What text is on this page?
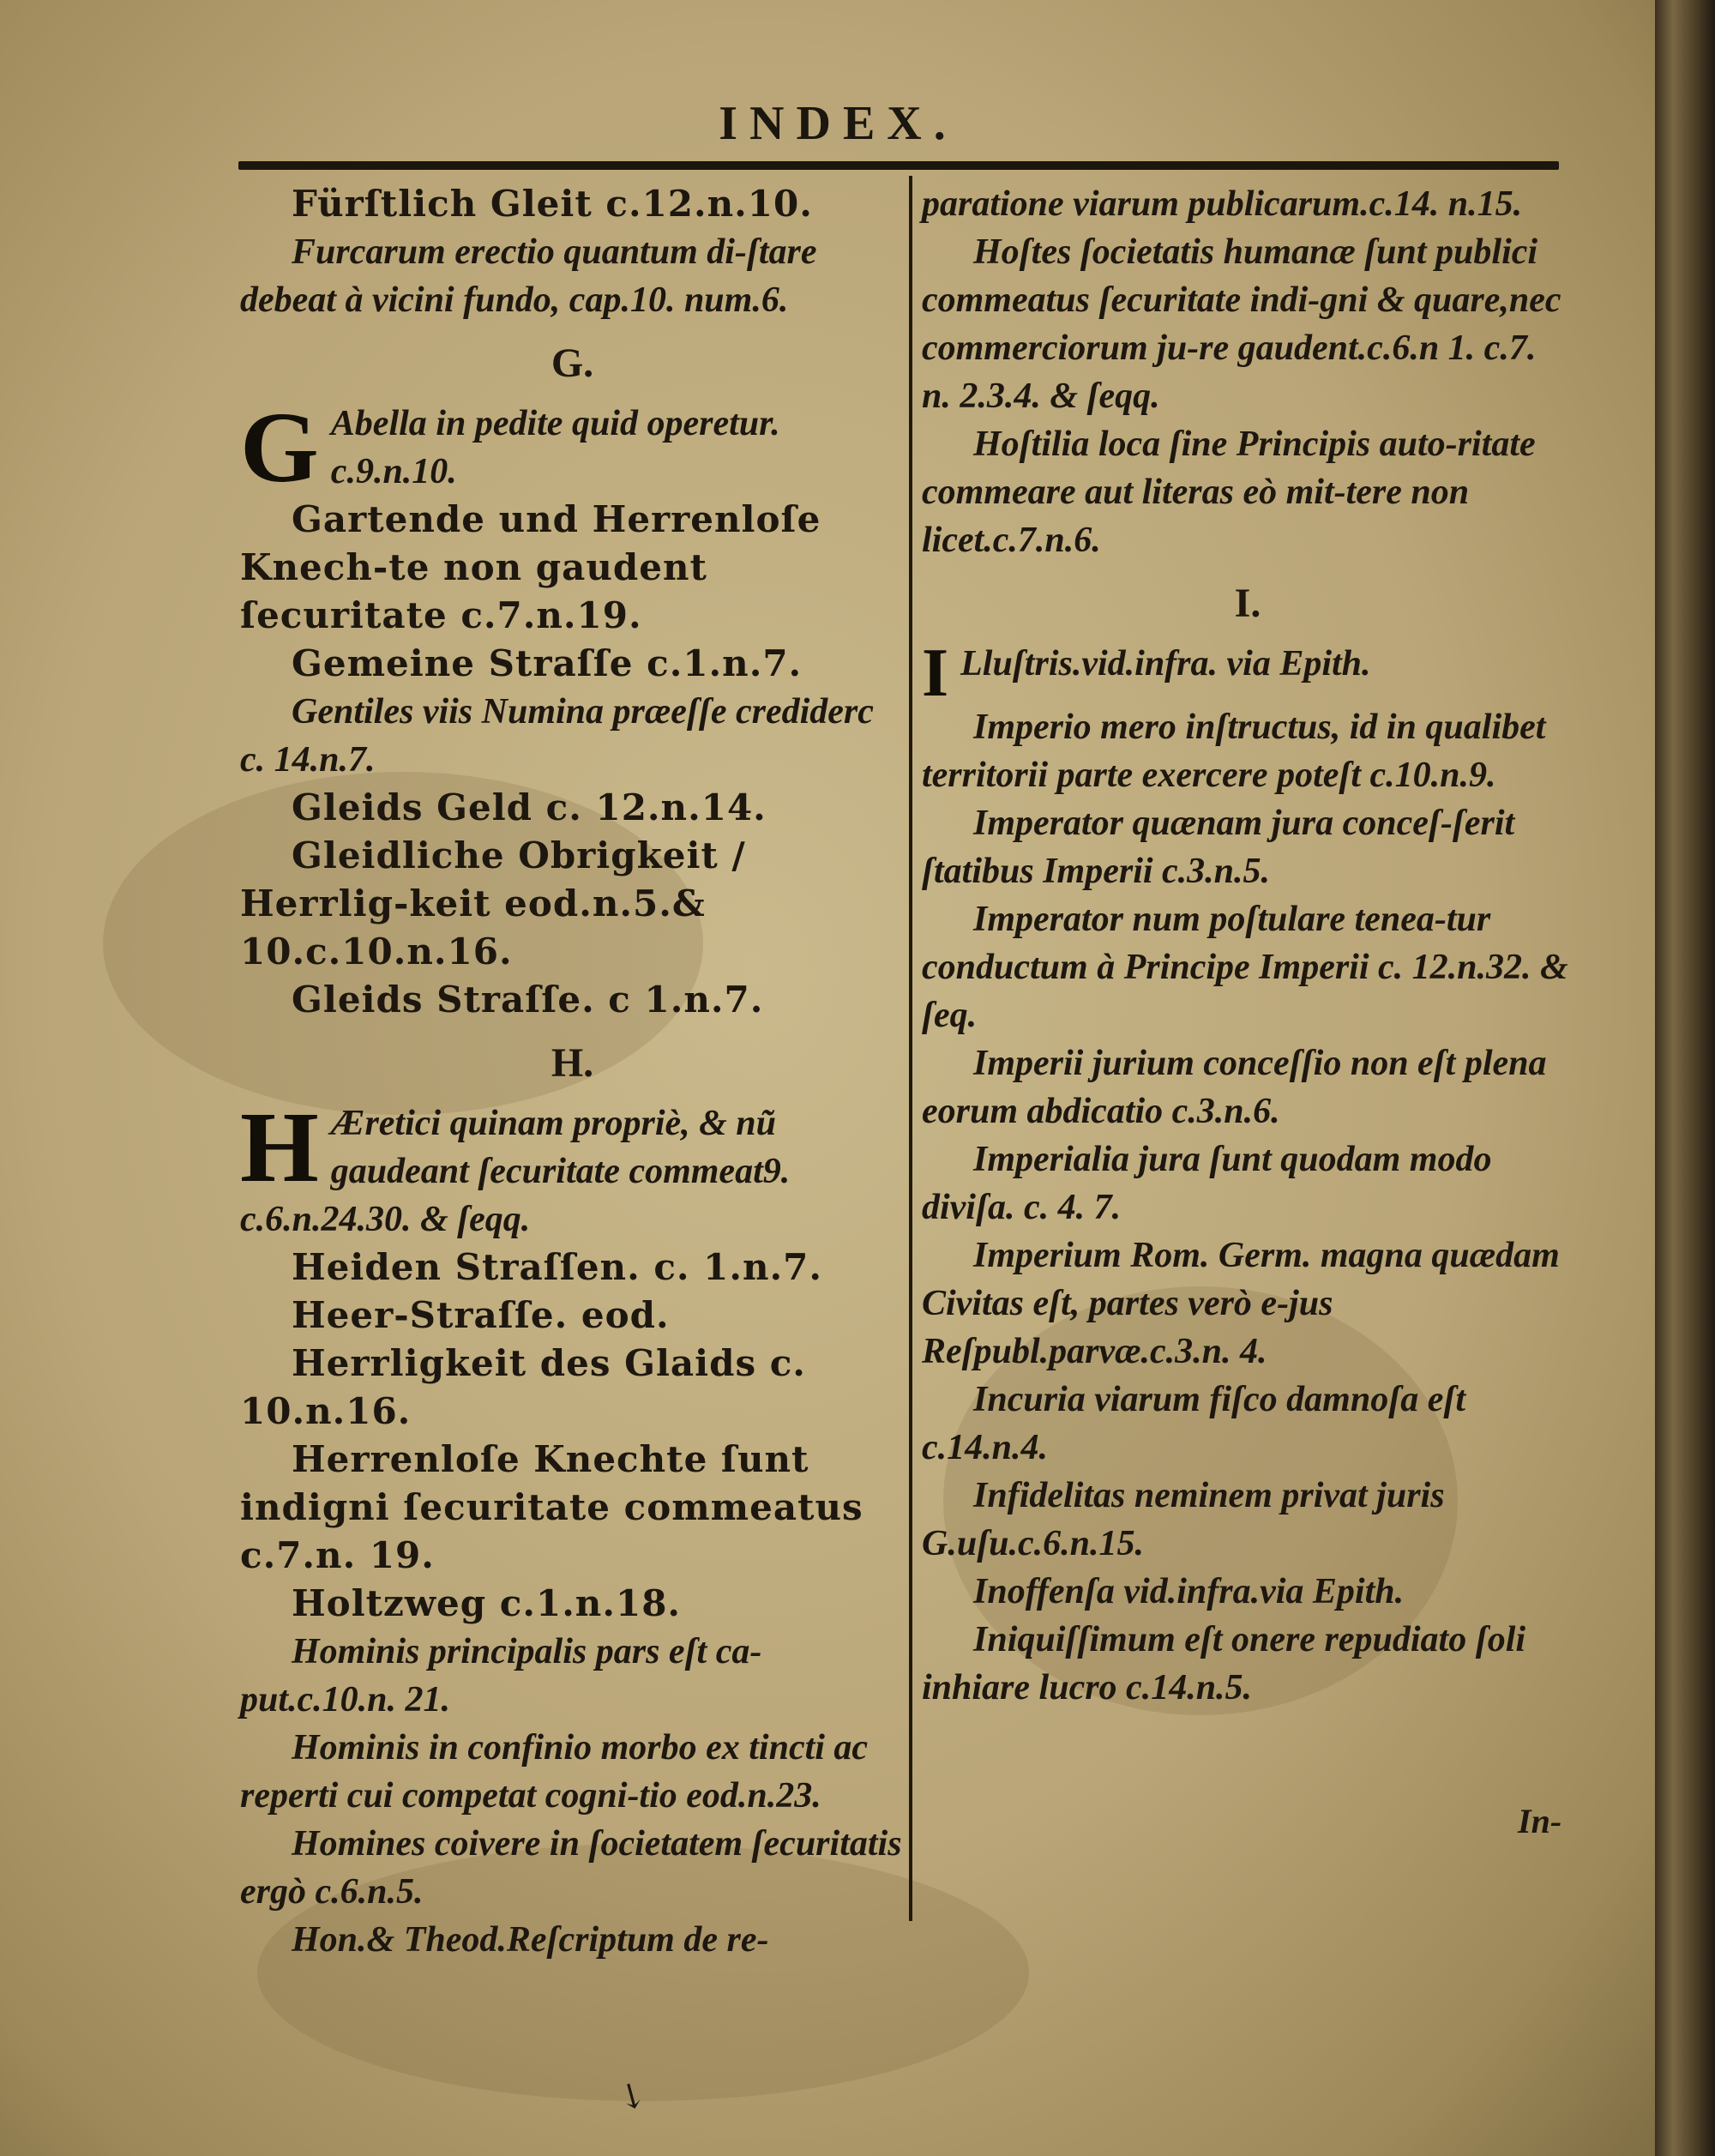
INDEX.

Fürſtlich Gleit c.12.n.10.

Furcarum erectio quantum di-ſtare debeat à vicini fundo, cap.10. num.6.

G.

G Abella in pedite quid operetur. c.9.n.10.

Gartende und Herrenloſe Knech-te non gaudent ſecuritate c.7.n.19.

Gemeine Straſſe c.1.n.7.

Gentiles viis Numina præeſſe crediderc c. 14.n.7.

Gleids Geld c. 12.n.14.

Gleidliche Obrigkeit / Herrlig-keit eod.n.5.& 10.c.10.n.16.

Gleids Straſſe. c 1.n.7.

H.

H Æretici quinam propriè, & nũ gaudeant ſecuritate commeat9. c.6.n.24.30. & ſeqq.

Heiden Straſſen. c. 1.n.7.

Heer-Straſſe. eod.

Herrligkeit des Glaids c. 10.n.16.

Herrenloſe Knechte ſunt indigni ſecuritate commeatus c.7.n. 19.

Holtzweg c.1.n.18.

Hominis principalis pars eſt ca-put.c.10.n. 21.

Hominis in confinio morbo ex tincti ac reperti cui competat cogni-tio eod.n.23.

Homines coivere in ſocietatem ſecuritatis ergò c.6.n.5.

Hon.& Theod.Reſcriptum de re-

paratione viarum publicarum.c.14. n.15.

Hoſtes ſocietatis humanæ ſunt publici commeatus ſecuritate indi-gni & quare,nec commerciorum ju-re gaudent.c.6.n 1. c.7. n. 2.3.4. & ſeqq.

Hoſtilia loca ſine Principis auto-ritate commeare aut literas eò mit-tere non licet.c.7.n.6.

I.

I Lluſtris.vid.infra. via Epith.

Imperio mero inſtructus, id in qualibet territorii parte exercere poteſt c.10.n.9.

Imperator quænam jura conceſ-ſerit ſtatibus Imperii c.3.n.5.

Imperator num poſtulare tenea-tur conductum à Principe Imperii c. 12.n.32. & ſeq.

Imperii jurium conceſſio non eſt plena eorum abdicatio c.3.n.6.

Imperialia jura ſunt quodam modo diviſa. c. 4. 7.

Imperium Rom. Germ. magna quædam Civitas eſt, partes verò e-jus Reſpubl.parvæ.c.3.n. 4.

Incuria viarum fiſco damnoſa eſt c.14.n.4.

Infidelitas neminem privat juris G.uſu.c.6.n.15.

Inoffenſa vid.infra.via Epith.

Iniquiſſimum eſt onere repudiato ſoli inhiare lucro c.14.n.5.

In-
↘
